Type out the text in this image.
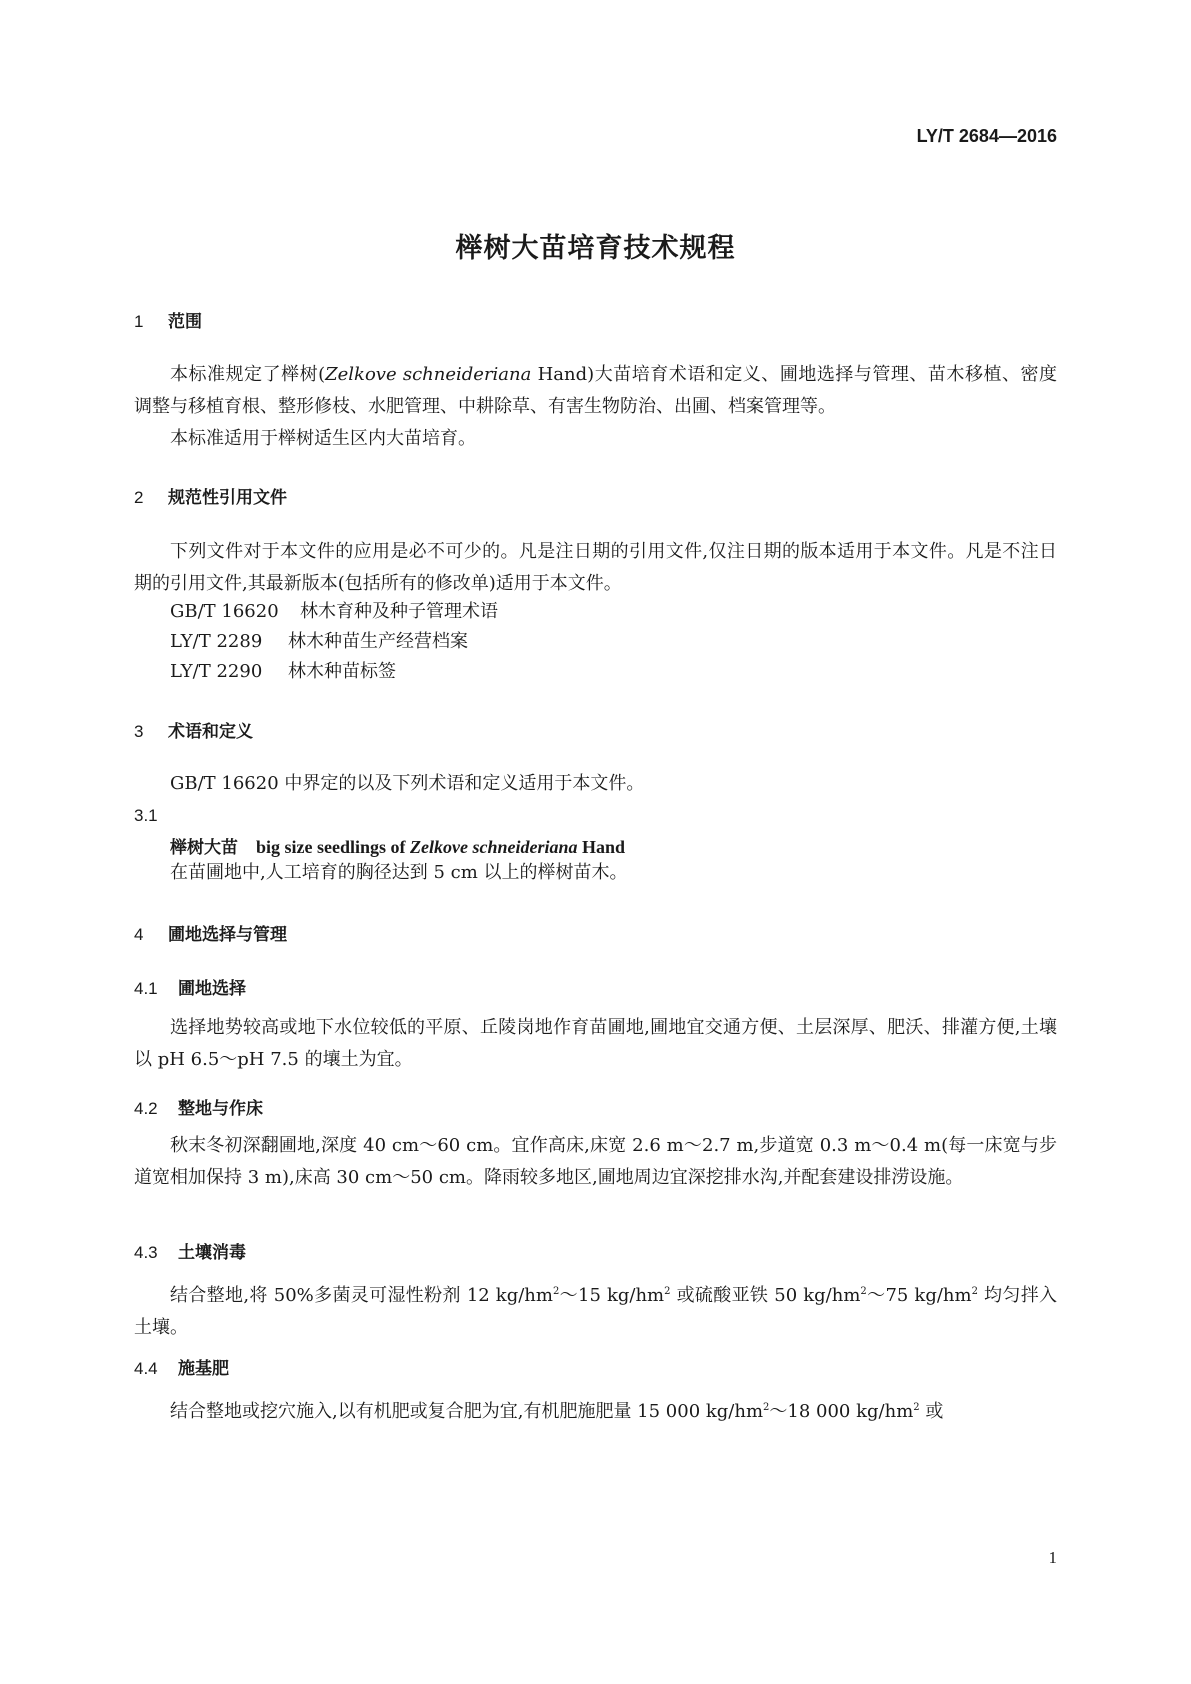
LY/T 2684—2016
榉树大苗培育技术规程
1 范围
本标准规定了榉树(Zelkove schneideriana Hand)大苗培育术语和定义、圃地选择与管理、苗木移植、密度调整与移植育根、整形修枝、水肥管理、中耕除草、有害生物防治、出圃、档案管理等。
本标准适用于榉树适生区内大苗培育。
2 规范性引用文件
下列文件对于本文件的应用是必不可少的。凡是注日期的引用文件,仅注日期的版本适用于本文件。凡是不注日期的引用文件,其最新版本(包括所有的修改单)适用于本文件。
GB/T 16620 林木育种及种子管理术语
LY/T 2289 林木种苗生产经营档案
LY/T 2290 林木种苗标签
3 术语和定义
GB/T 16620 中界定的以及下列术语和定义适用于本文件。
3.1
榉树大苗 big size seedlings of Zelkove schneideriana Hand
在苗圃地中,人工培育的胸径达到 5 cm 以上的榉树苗木。
4 圃地选择与管理
4.1 圃地选择
选择地势较高或地下水位较低的平原、丘陵岗地作育苗圃地,圃地宜交通方便、土层深厚、肥沃、排灌方便,土壤以 pH 6.5～pH 7.5 的壤土为宜。
4.2 整地与作床
秋末冬初深翻圃地,深度 40 cm～60 cm。宜作高床,床宽 2.6 m～2.7 m,步道宽 0.3 m～0.4 m(每一床宽与步道宽相加保持 3 m),床高 30 cm～50 cm。降雨较多地区,圃地周边宜深挖排水沟,并配套建设排涝设施。
4.3 土壤消毒
结合整地,将 50%多菌灵可湿性粉剂 12 $kg/hm^2\sim 15$ $kg/hm^2$ 或硫酸亚铁 50 $kg/hm^2\sim 75$ $kg/hm^2$ 均匀拌入土壤。
4.4 施基肥
结合整地或挖穴施入,以有机肥或复合肥为宜,有机肥施肥量 15 000 $kg/hm^2\sim 18$ 000 $kg/hm^2$ 或
1
